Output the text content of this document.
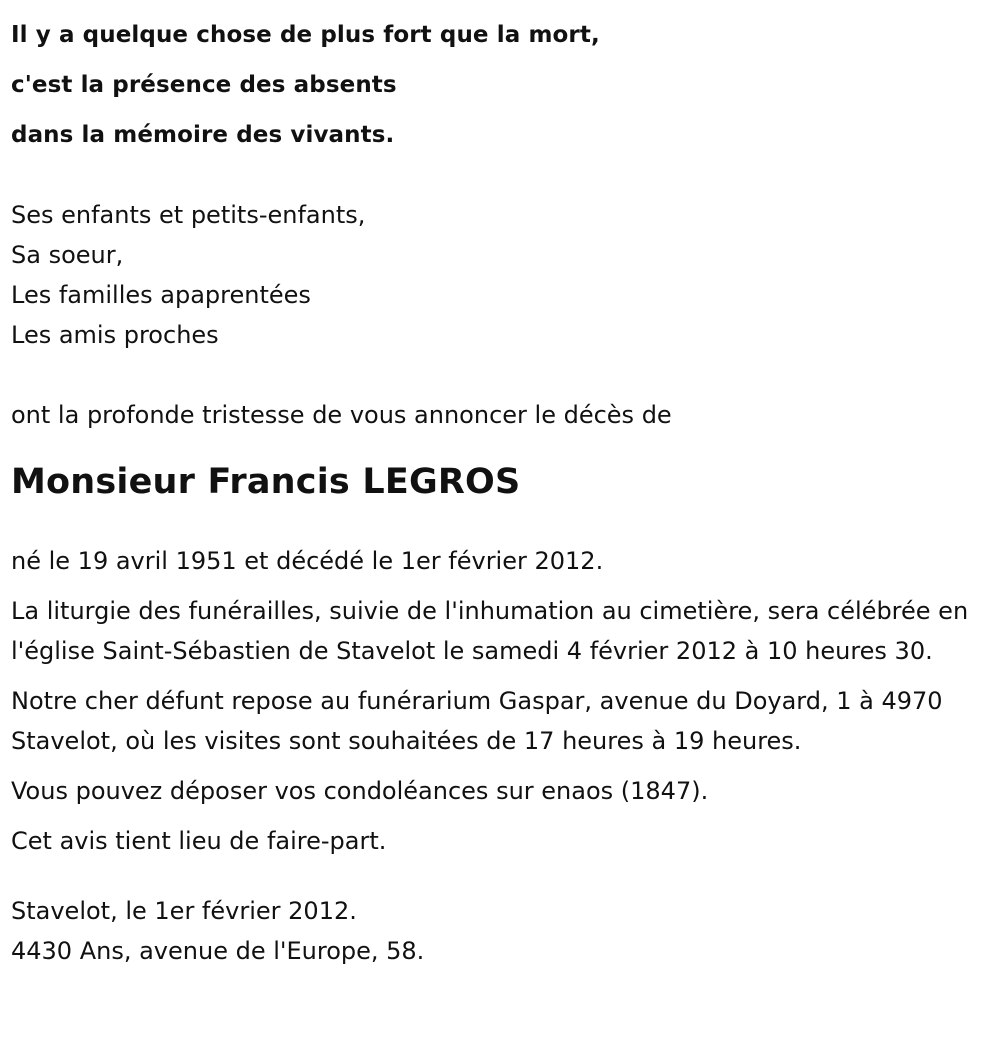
Il y a quelque chose de plus fort que la mort,

c'est la présence des absents

dans la mémoire des vivants.

Ses enfants et petits-enfants,

Sa soeur,

Les familles apaprentées

Les amis proches

ont la profonde tristesse de vous annoncer le décès de

Monsieur Francis LEGROS

né le 19 avril 1951 et décédé le 1er février 2012.

La liturgie des funérailles, suivie de l'inhumation au cimetière, sera célébrée en l'église Saint-Sébastien de Stavelot le samedi 4 février 2012 à 10 heures 30.

Notre cher défunt repose au funérarium Gaspar, avenue du Doyard, 1 à 4970 Stavelot, où les visites sont souhaitées de 17 heures à 19 heures.

Vous pouvez déposer vos condoléances sur enaos (1847).

Cet avis tient lieu de faire-part.

Stavelot, le 1er février 2012.

4430 Ans, avenue de l'Europe, 58.
